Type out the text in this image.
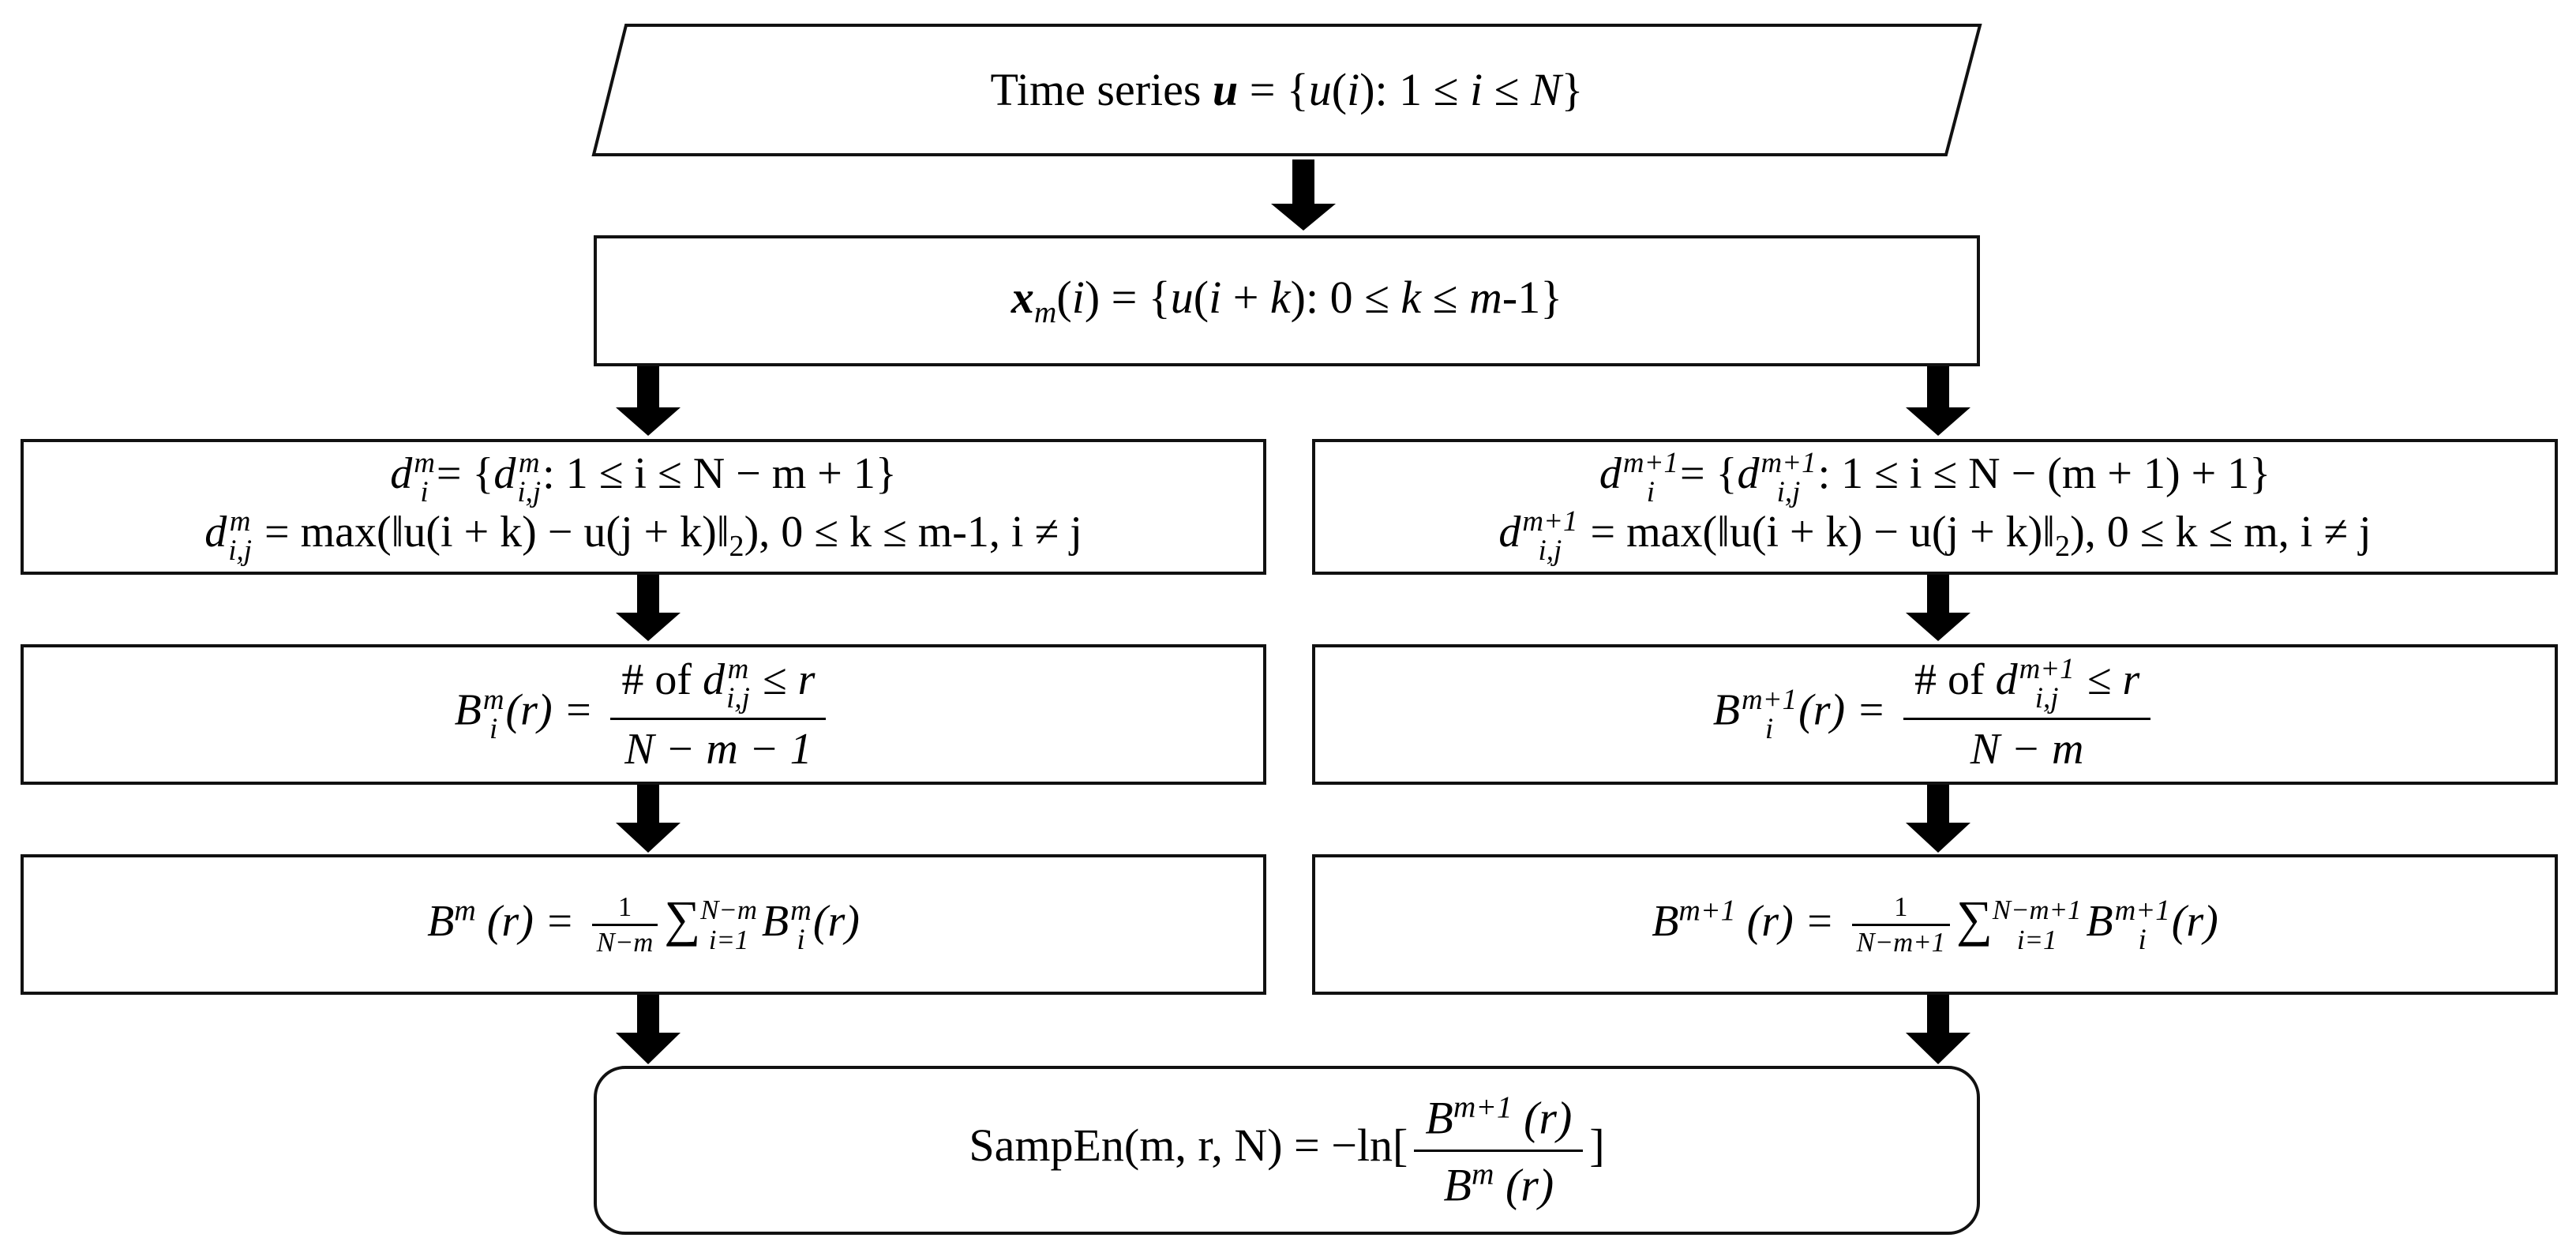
Time series u = {u(i): 1 ≤ i ≤ N}
$x_m(i) = \{u(i + k)$: 0 ≤ k ≤ m-1}
d m
i = {d m
i,j : 1 ≤ i ≤ N − m + 1}
d m
i,j = max(‖u(i + $k) - u(j + k)‖_2$), 0 ≤ k ≤ m-1, i ≠ j
d m+1
i = {d m+1
i,j : 1 ≤ i ≤ N − (m + 1) + 1}
d m+1
i,j = max(‖u(i + $k) - u(j + k)‖_2$), 0 ≤ k ≤ m, i ≠ j
B m
i (r) = # of d m
i,j ≤ r
N − m − 1	B m+1
i (r) = # of d m+1
i,j ≤ r
N − m
$B^m$ $(r) = \frac{1}{N-m}$ ∑ N−m
i=1 B m
i (r)	$B^{m+1}$ $(r) = \frac{1}{N-m+1}$ ∑ N−m+1
i=1 B m+1
i (r)
SampEn(m, r, $N) = -\ln[ \frac{B^{m+1} (r)}{B^m (r)}$ ]
